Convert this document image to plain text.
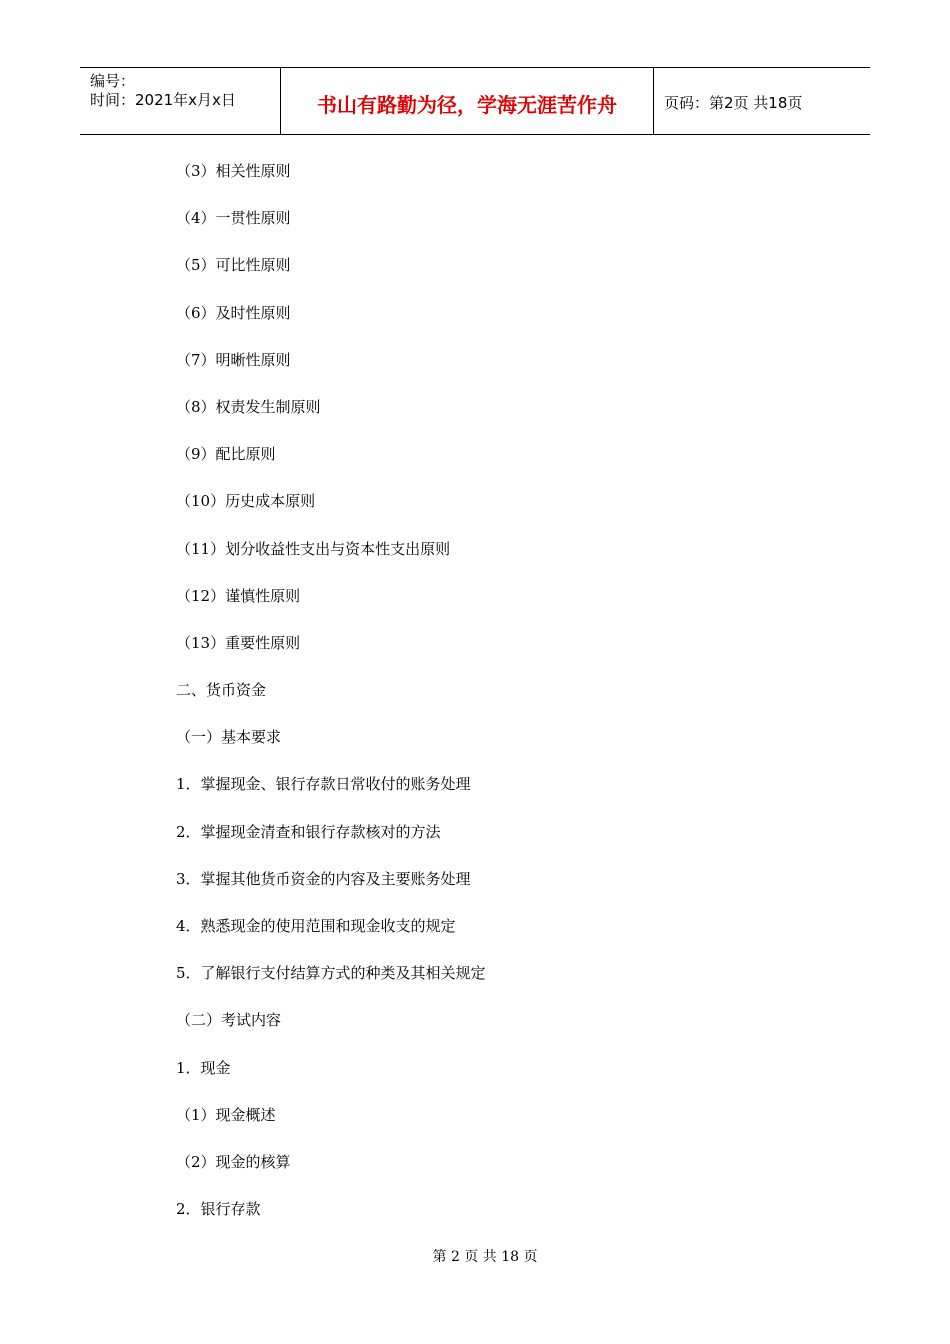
编号：
时间：2021年x月x日	书山有路勤为径，学海无涯苦作舟	页码：第2页 共18页
（3）相关性原则
（4）一贯性原则
（5）可比性原则
（6）及时性原则
（7）明晰性原则
（8）权责发生制原则
（9）配比原则
（10）历史成本原则
（11）划分收益性支出与资本性支出原则
（12）谨慎性原则
（13）重要性原则
二、货币资金
（一）基本要求
1．掌握现金、银行存款日常收付的账务处理
2．掌握现金清查和银行存款核对的方法
3．掌握其他货币资金的内容及主要账务处理
4．熟悉现金的使用范围和现金收支的规定
5．了解银行支付结算方式的种类及其相关规定
（二）考试内容
1．现金
（1）现金概述
（2）现金的核算
2．银行存款
第 2 页 共 18 页
